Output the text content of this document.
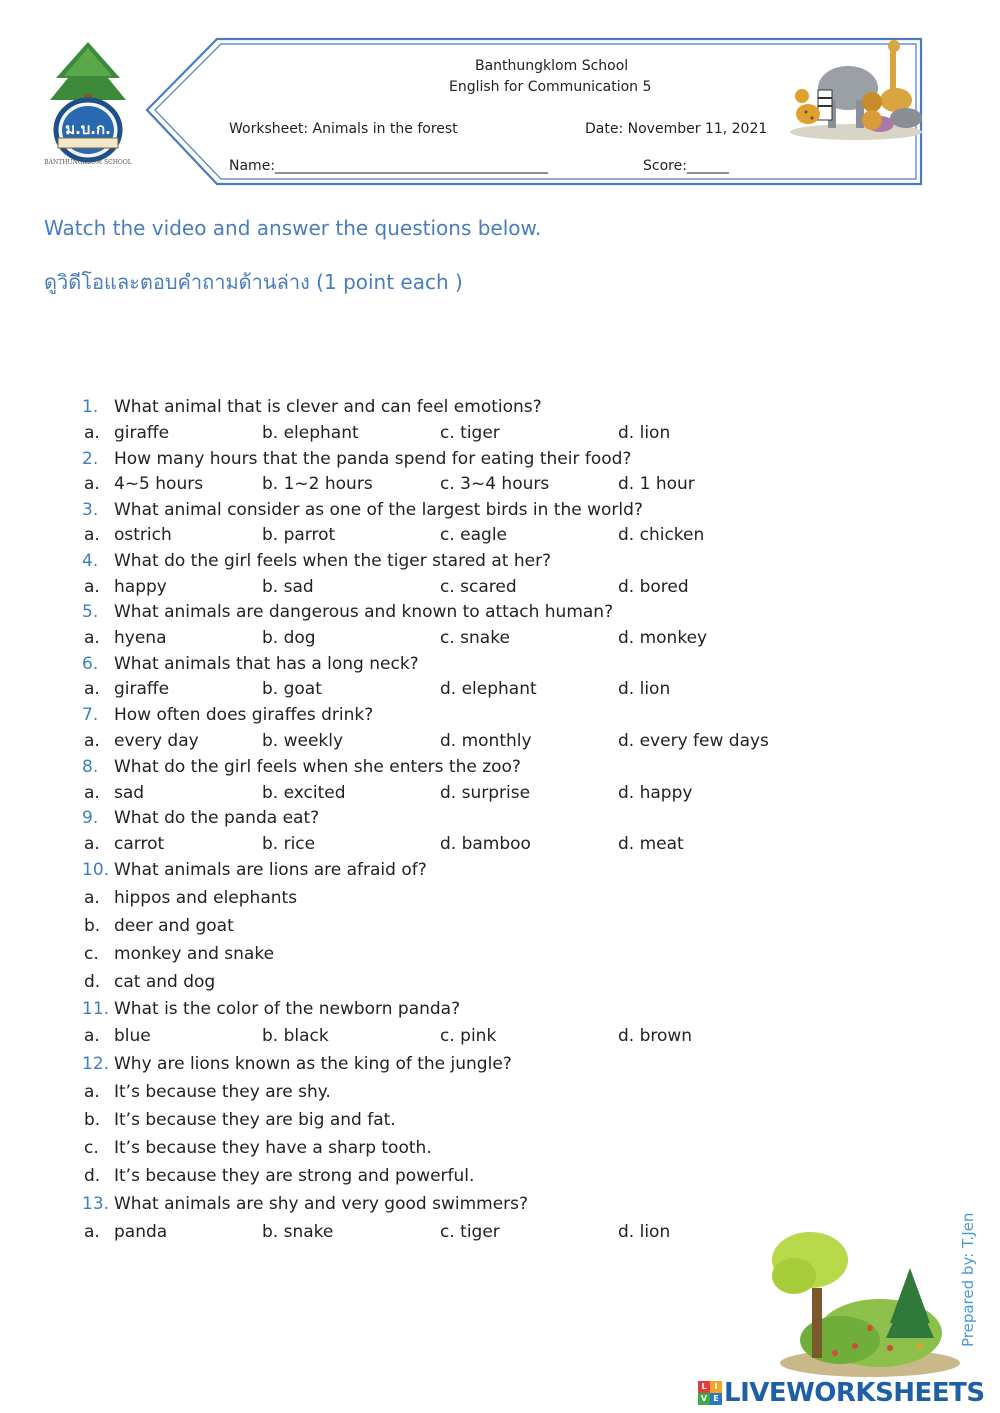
ม.บ.ก.
BANTHUNGKLOM SCHOOL
Banthungklom School
English for Communication 5
Worksheet: Animals in the forest	Date: November 11, 2021
Name:_______________________________________	Score:______
Watch the video and answer the questions below.
ดูวิดีโอและตอบคำถามด้านล่าง (1 point each )
1. What animal that is clever and can feel emotions?
a. giraffe	b. elephant	c. tiger	d. lion
2. How many hours that the panda spend for eating their food?
a. 4~5 hours	b. 1~2 hours	c. 3~4 hours	d. 1 hour
3. What animal consider as one of the largest birds in the world?
a. ostrich	b. parrot	c. eagle	d. chicken
4. What do the girl feels when the tiger stared at her?
a. happy	b. sad	c. scared	d. bored
5. What animals are dangerous and known to attach human?
a. hyena	b. dog	c. snake	d. monkey
6. What animals that has a long neck?
a. giraffe	b. goat	d. elephant	d. lion
7. How often does giraffes drink?
a. every day	b. weekly	d. monthly	d. every few days
8. What do the girl feels when she enters the zoo?
a. sad	b. excited	d. surprise	d. happy
9. What do the panda eat?
a. carrot	b. rice	d. bamboo	d. meat
10. What animals are lions are afraid of?
a. hippos and elephants
b. deer and goat
c. monkey and snake
d. cat and dog
11. What is the color of the newborn panda?
a. blue	b. black	c. pink	d. brown
12. Why are lions known as the king of the jungle?
a. It’s because they are shy.
b. It’s because they are big and fat.
c. It’s because they have a sharp tooth.
d. It’s because they are strong and powerful.
13. What animals are shy and very good swimmers?
a. panda	b. snake	c. tiger	d. lion	Prepared by: T.Jen
L I
V E LIVEWORKSHEETS
